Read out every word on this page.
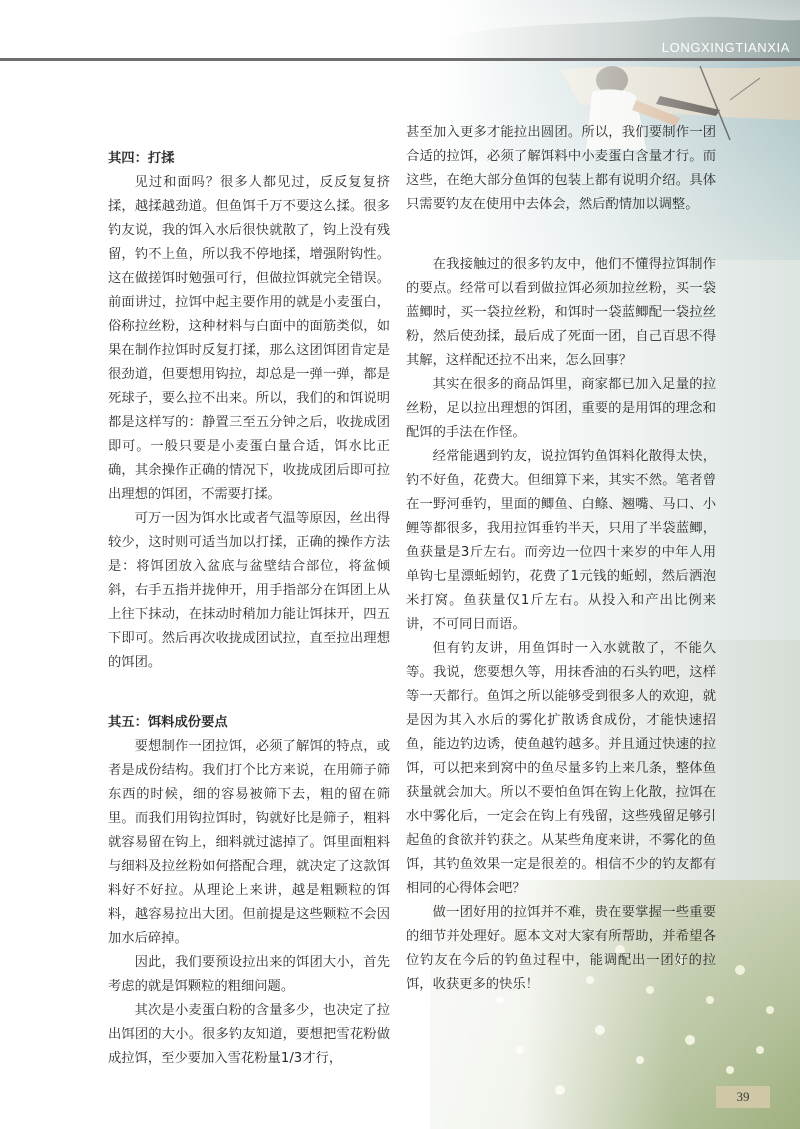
LONGXINGTIANXIA
其四：打揉

见过和面吗？很多人都见过，反反复复挤揉，越揉越劲道。但鱼饵千万不要这么揉。很多钓友说，我的饵入水后很快就散了，钩上没有残留，钓不上鱼，所以我不停地揉，增强附钩性。这在做搓饵时勉强可行，但做拉饵就完全错误。前面讲过，拉饵中起主要作用的就是小麦蛋白，俗称拉丝粉，这种材料与白面中的面筋类似，如果在制作拉饵时反复打揉，那么这团饵团肯定是很劲道，但要想用钩拉，却总是一弹一弹，都是死球子，要么拉不出来。所以，我们的和饵说明都是这样写的：静置三至五分钟之后，收拢成团即可。一般只要是小麦蛋白量合适，饵水比正确，其余操作正确的情况下，收拢成团后即可拉出理想的饵团，不需要打揉。

可万一因为饵水比或者气温等原因，丝出得较少，这时则可适当加以打揉，正确的操作方法是：将饵团放入盆底与盆壁结合部位，将盆倾斜，右手五指并拢伸开，用手指部分在饵团上从上往下抹动，在抹动时稍加力能让饵抹开，四五下即可。然后再次收拢成团试拉，直至拉出理想的饵团。

其五：饵料成份要点

要想制作一团拉饵，必须了解饵的特点，或者是成份结构。我们打个比方来说，在用筛子筛东西的时候，细的容易被筛下去，粗的留在筛里。而我们用钩拉饵时，钩就好比是筛子，粗料就容易留在钩上，细料就过滤掉了。饵里面粗料与细料及拉丝粉如何搭配合理，就决定了这款饵料好不好拉。从理论上来讲，越是粗颗粒的饵料，越容易拉出大团。但前提是这些颗粒不会因加水后碎掉。

因此，我们要预设拉出来的饵团大小，首先考虑的就是饵颗粒的粗细问题。

其次是小麦蛋白粉的含量多少，也决定了拉出饵团的大小。很多钓友知道，要想把雪花粉做成拉饵，至少要加入雪花粉量1/3才行，

甚至加入更多才能拉出圆团。所以，我们要制作一团合适的拉饵，必须了解饵料中小麦蛋白含量才行。而这些，在绝大部分鱼饵的包装上都有说明介绍。具体只需要钓友在使用中去体会，然后酌情加以调整。

在我接触过的很多钓友中，他们不懂得拉饵制作的要点。经常可以看到做拉饵必须加拉丝粉，买一袋蓝鲫时，买一袋拉丝粉，和饵时一袋蓝鲫配一袋拉丝粉，然后使劲揉，最后成了死面一团，自己百思不得其解，这样配还拉不出来，怎么回事？

其实在很多的商品饵里，商家都已加入足量的拉丝粉，足以拉出理想的饵团，重要的是用饵的理念和配饵的手法在作怪。

经常能遇到钓友，说拉饵钓鱼饵料化散得太快，钓不好鱼，花费大。但细算下来，其实不然。笔者曾在一野河垂钓，里面的鲫鱼、白鲦、翘嘴、马口、小鲤等都很多，我用拉饵垂钓半天，只用了半袋蓝鲫，鱼获量是3斤左右。而旁边一位四十来岁的中年人用单钩七星漂蚯蚓钓，花费了1元钱的蚯蚓，然后洒泡米打窝。鱼获量仅1斤左右。从投入和产出比例来讲，不可同日而语。

但有钓友讲，用鱼饵时一入水就散了，不能久等。我说，您要想久等，用抹香油的石头钓吧，这样等一天都行。鱼饵之所以能够受到很多人的欢迎，就是因为其入水后的雾化扩散诱食成份，才能快速招鱼，能边钓边诱，使鱼越钓越多。并且通过快速的拉饵，可以把来到窝中的鱼尽量多钓上来几条，整体鱼获量就会加大。所以不要怕鱼饵在钩上化散，拉饵在水中雾化后，一定会在钩上有残留，这些残留足够引起鱼的食欲并钓获之。从某些角度来讲，不雾化的鱼饵，其钓鱼效果一定是很差的。相信不少的钓友都有相同的心得体会吧？

做一团好用的拉饵并不难，贵在要掌握一些重要的细节并处理好。愿本文对大家有所帮助，并希望各位钓友在今后的钓鱼过程中，能调配出一团好的拉饵，收获更多的快乐！

39
